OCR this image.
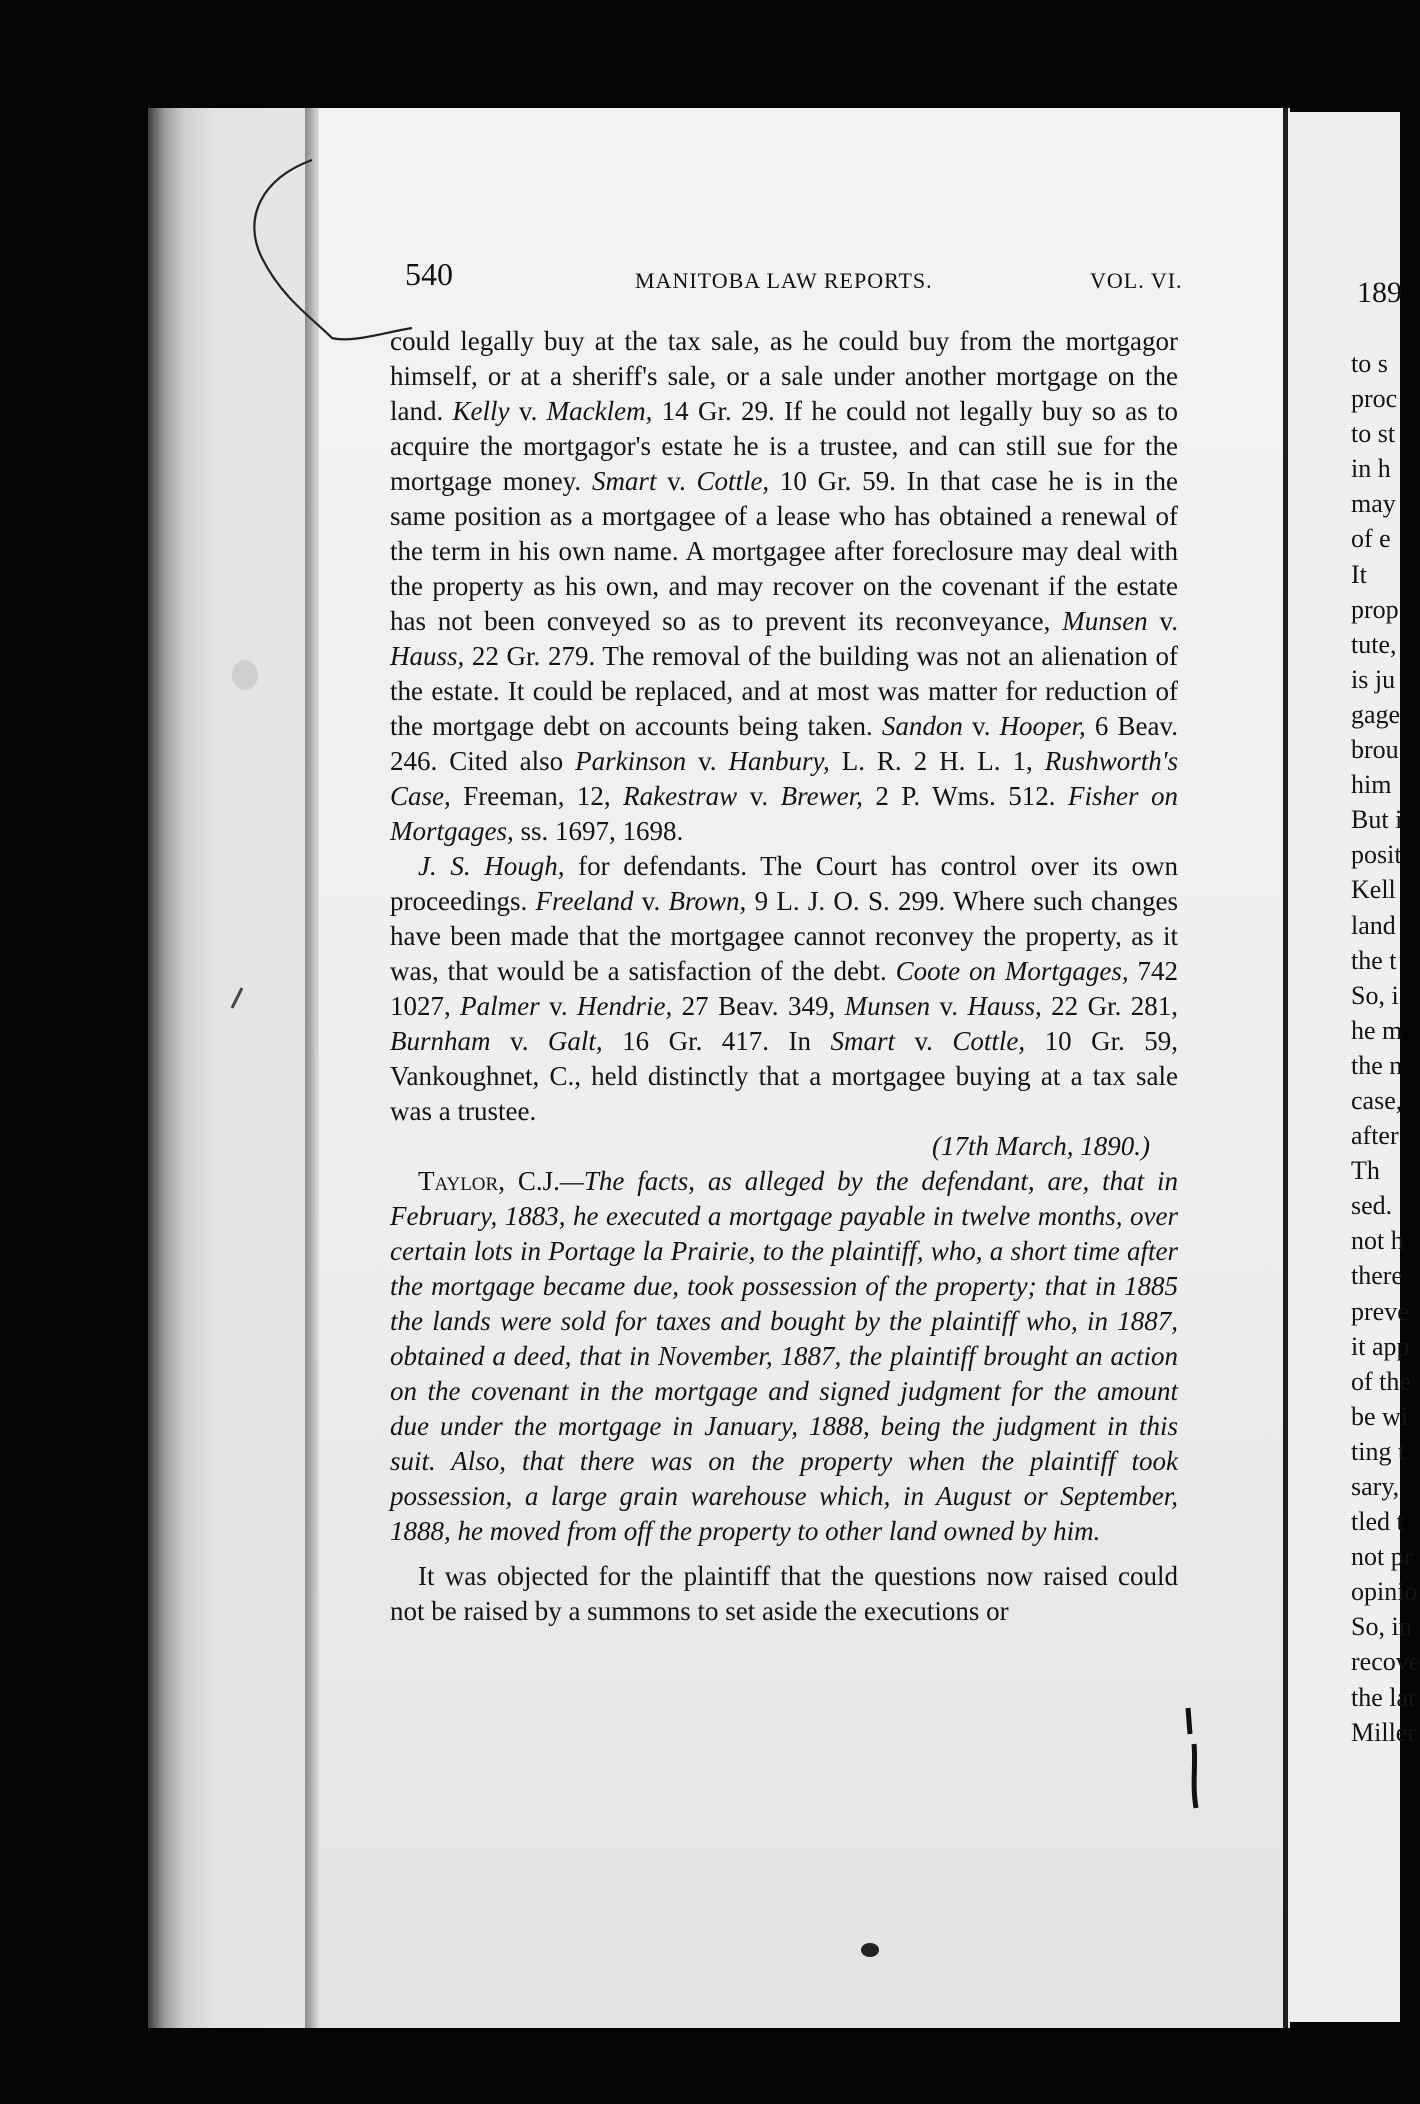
540	MANITOBA LAW REPORTS.	VOL. VI.

could legally buy at the tax sale, as he could buy from the mortgagor himself, or at a sheriff's sale, or a sale under another mortgage on the land. Kelly v. Macklem, 14 Gr. 29. If he could not legally buy so as to acquire the mortgagor's estate he is a trustee, and can still sue for the mortgage money. Smart v. Cottle, 10 Gr. 59. In that case he is in the same position as a mortgagee of a lease who has obtained a renewal of the term in his own name. A mortgagee after foreclosure may deal with the property as his own, and may recover on the covenant if the estate has not been conveyed so as to prevent its reconveyance, Munsen v. Hauss, 22 Gr. 279. The removal of the building was not an alienation of the estate. It could be replaced, and at most was matter for reduction of the mortgage debt on accounts being taken. Sandon v. Hooper, 6 Beav. 246. Cited also Parkinson v. Hanbury, L. R. 2 H. L. 1, Rushworth's Case, Freeman, 12, Rakestraw v. Brewer, 2 P. Wms. 512. Fisher on Mortgages, ss. 1697, 1698.

J. S. Hough, for defendants. The Court has control over its own proceedings. Freeland v. Brown, 9 L. J. O. S. 299. Where such changes have been made that the mortgagee cannot reconvey the property, as it was, that would be a satisfaction of the debt. Coote on Mortgages, 742 1027, Palmer v. Hendrie, 27 Beav. 349, Munsen v. Hauss, 22 Gr. 281, Burnham v. Galt, 16 Gr. 417. In Smart v. Cottle, 10 Gr. 59, Vankoughnet, C., held distinctly that a mortgagee buying at a tax sale was a trustee.

(17th March, 1890.)

Taylor, C.J.—The facts, as alleged by the defendant, are, that in February, 1883, he executed a mortgage payable in twelve months, over certain lots in Portage la Prairie, to the plaintiff, who, a short time after the mortgage became due, took possession of the property; that in 1885 the lands were sold for taxes and bought by the plaintiff who, in 1887, obtained a deed, that in November, 1887, the plaintiff brought an action on the covenant in the mortgage and signed judgment for the amount due under the mortgage in January, 1888, being the judgment in this suit. Also, that there was on the property when the plaintiff took possession, a large grain warehouse which, in August or September, 1888, he moved from off the property to other land owned by him.

It was objected for the plaintiff that the questions now raised could not be raised by a summons to set aside the executions or

189
to s
proc
to st
in h
may
of e
It
prop
tute,
is ju
gage
brou
him
But i
posit
Kell
land
the t
So, i
he m
the n
case,
after
Th
sed.
not h
there
preve
it app
of the
be wi
ting t
sary,
tled t
not pr
opinio
So, in
recove
the lar
Miller
